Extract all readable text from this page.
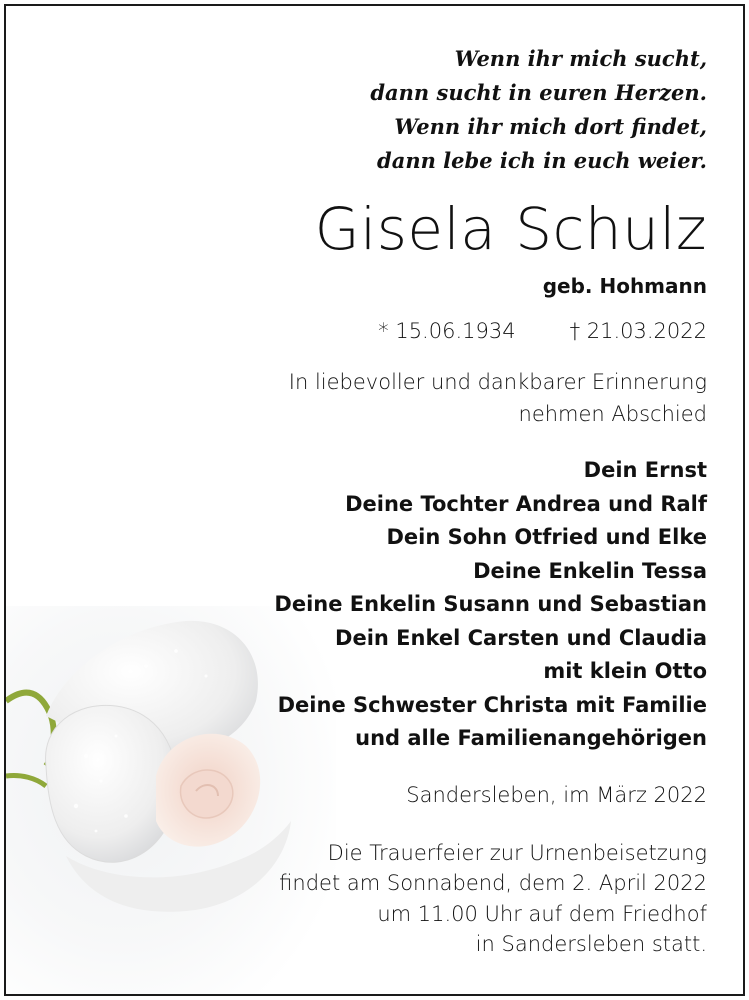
Wenn ihr mich sucht,
dann sucht in euren Herzen.
Wenn ihr mich dort findet,
dann lebe ich in euch weier.
Gisela Schulz
geb. Hohmann
* 15.06.1934	† 21.03.2022
In liebevoller und dankbarer Erinnerung
nehmen Abschied
Dein Ernst
Deine Tochter Andrea und Ralf
Dein Sohn Otfried und Elke
Deine Enkelin Tessa
Deine Enkelin Susann und Sebastian
Dein Enkel Carsten und Claudia
mit klein Otto
Deine Schwester Christa mit Familie
und alle Familienangehörigen
Sandersleben, im März 2022
Die Trauerfeier zur Urnenbeisetzung
findet am Sonnabend, dem 2. April 2022
um 11.00 Uhr auf dem Friedhof
in Sandersleben statt.
